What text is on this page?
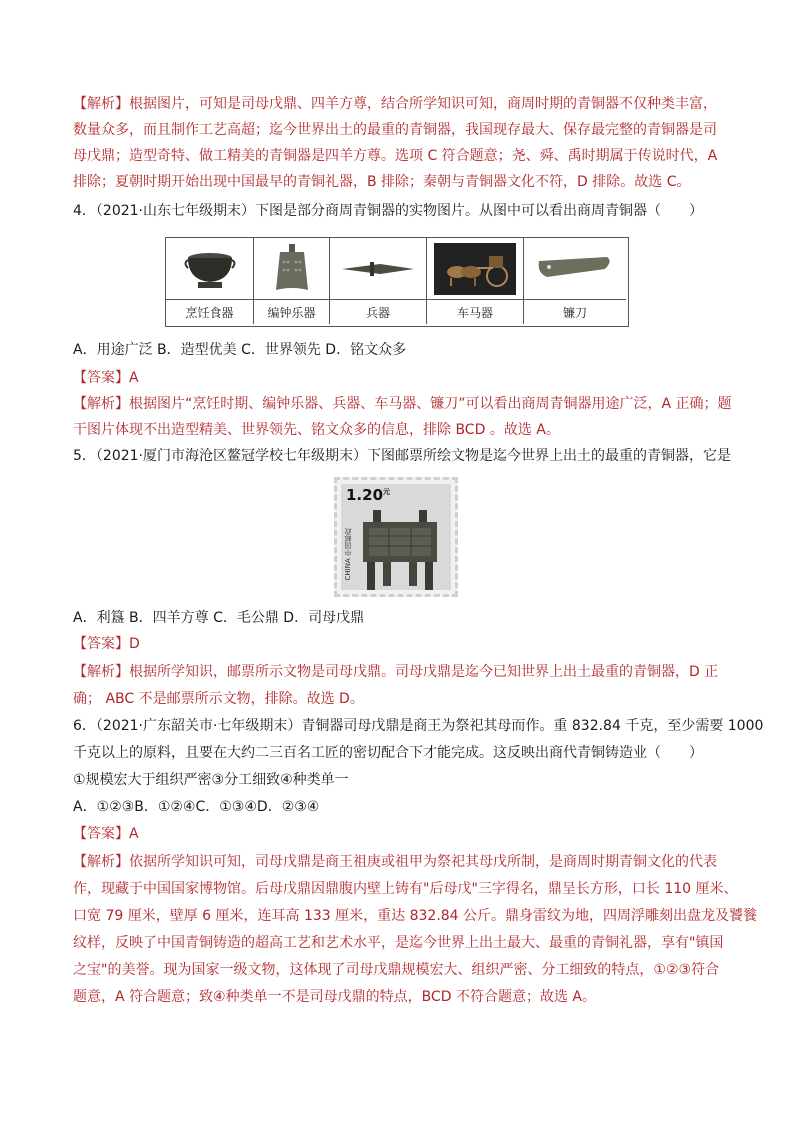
【解析】根据图片，可知是司母戊鼎、四羊方尊，结合所学知识可知，商周时期的青铜器不仅种类丰富，
数量众多，而且制作工艺高超；迄今世界出土的最重的青铜器，我国现存最大、保存最完整的青铜器是司
母戊鼎；造型奇特、做工精美的青铜器是四羊方尊。选项 C 符合题意；尧、舜、禹时期属于传说时代，A
排除；夏朝时期开始出现中国最早的青铜礼器，B 排除；秦朝与青铜器文化不符，D 排除。故选 C。
4．（2021·山东七年级期末）下图是部分商周青铜器的实物图片。从图中可以看出商周青铜器（　　）
烹饪食器	编钟乐器	兵器	车马器	镰刀
A．用途广泛 B．造型优美 C．世界领先 D．铭文众多
【答案】A
【解析】根据图片“烹饪时期、编钟乐器、兵器、车马器、镰刀”可以看出商周青铜器用途广泛，A 正确；题
干图片体现不出造型精美、世界领先、铭文众多的信息，排除 BCD 。故选 A。
5．（2021·厦门市海沧区鳌冠学校七年级期末）下图邮票所绘文物是迄今世界上出土的最重的青铜器，它是
$1.20^元$
CHINA 中国邮政
A．利簋 B．四羊方尊 C．毛公鼎 D．司母戊鼎
【答案】D
【解析】根据所学知识，邮票所示文物是司母戊鼎。司母戊鼎是迄今已知世界上出土最重的青铜器，D 正
确； ABC 不是邮票所示文物，排除。故选 D。
6．（2021·广东韶关市·七年级期末）青铜器司母戊鼎是商王为祭祀其母而作。重 832.84 千克，至少需要 1000
千克以上的原料，且要在大约二三百名工匠的密切配合下才能完成。这反映出商代青铜铸造业（　　）
①规模宏大于组织严密③分工细致④种类单一
A．①②③B．①②④C．①③④D．②③④
【答案】A
【解析】依据所学知识可知，司母戊鼎是商王祖庚或祖甲为祭祀其母戊所制，是商周时期青铜文化的代表
作，现藏于中国国家博物馆。后母戊鼎因鼎腹内壁上铸有"后母戊"三字得名，鼎呈长方形，口长 110 厘米、
口宽 79 厘米，壁厚 6 厘米，连耳高 133 厘米，重达 832.84 公斤。鼎身雷纹为地，四周浮雕刻出盘龙及饕餮
纹样，反映了中国青铜铸造的超高工艺和艺术水平，是迄今世界上出土最大、最重的青铜礼器，享有"镇国
之宝"的美誉。现为国家一级文物，这体现了司母戊鼎规模宏大、组织严密、分工细致的特点，①②③符合
题意，A 符合题意；致④种类单一不是司母戊鼎的特点，BCD 不符合题意；故选 A。
